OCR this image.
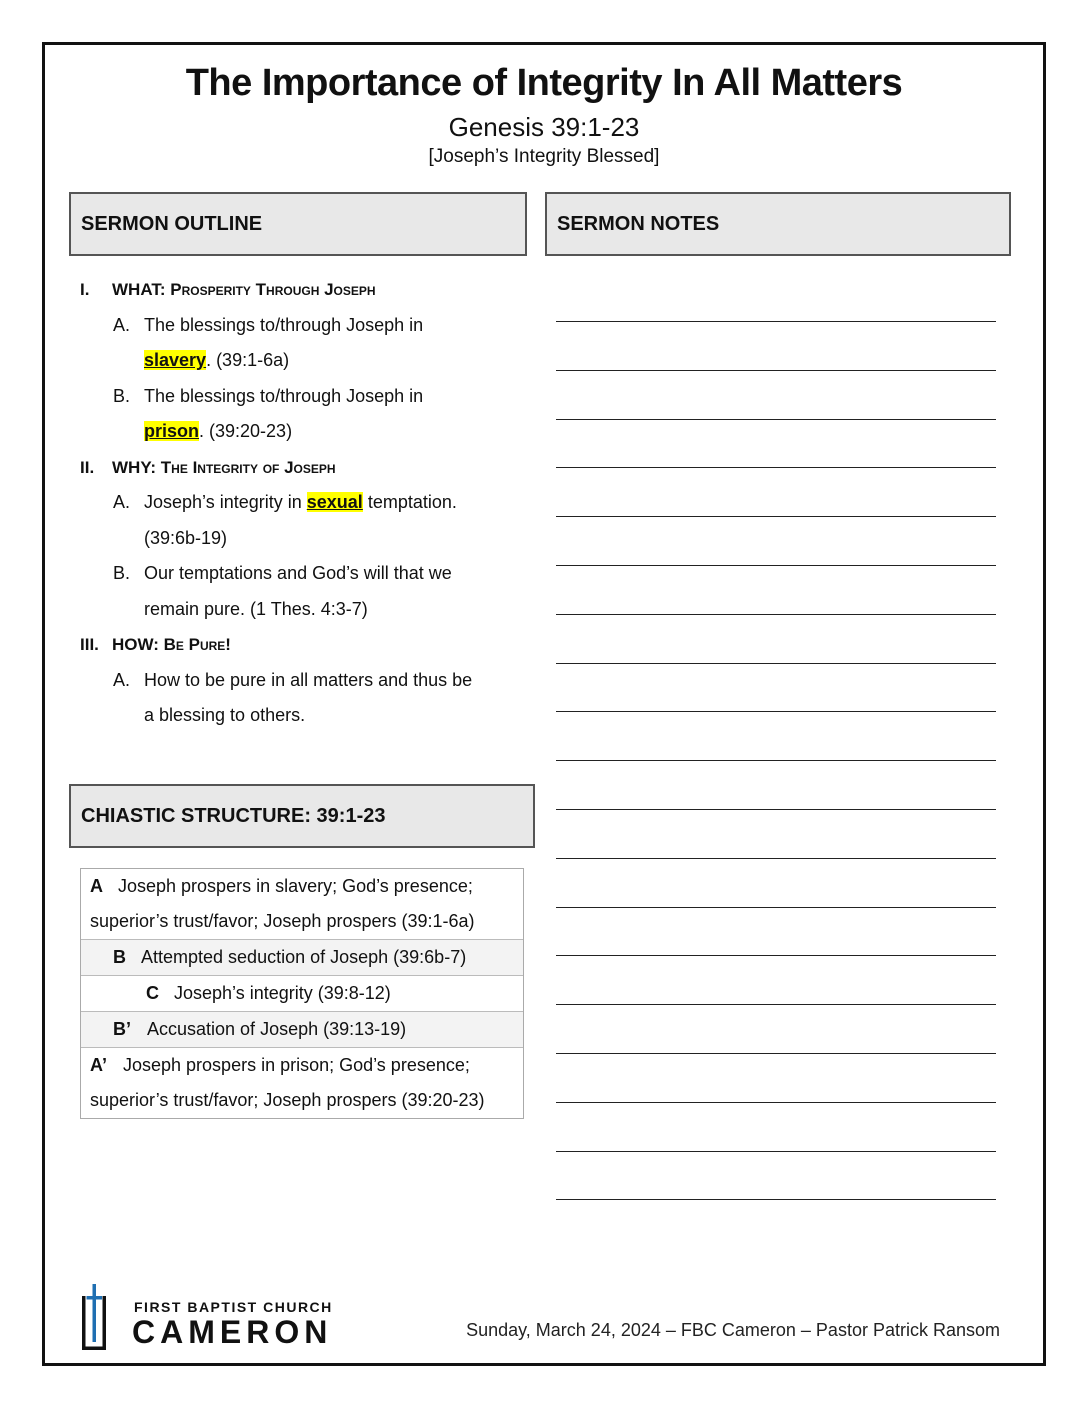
The Importance of Integrity In All Matters
Genesis 39:1-23
[Joseph’s Integrity Blessed]
SERMON OUTLINE	SERMON NOTES
I. WHAT: Prosperity Through Joseph
A. The blessings to/through Joseph in
slavery. (39:1-6a)
B. The blessings to/through Joseph in
prison. (39:20-23)
II. WHY: The Integrity of Joseph
A. Joseph’s integrity in sexual temptation.
(39:6b-19)
B. Our temptations and God’s will that we
remain pure. (1 Thes. 4:3-7)
III. HOW: Be Pure!
A. How to be pure in all matters and thus be
a blessing to others.
CHIASTIC STRUCTURE: 39:1-23
A Joseph prospers in slavery; God’s presence;
superior’s trust/favor; Joseph prospers (39:1-6a)
B Attempted seduction of Joseph (39:6b-7)
C Joseph’s integrity (39:8-12)
B’ Accusation of Joseph (39:13-19)
A’ Joseph prospers in prison; God’s presence;
superior’s trust/favor; Joseph prospers (39:20-23)
FIRST BAPTIST CHURCH
CAMERON	Sunday, March 24, 2024 – FBC Cameron – Pastor Patrick Ransom
